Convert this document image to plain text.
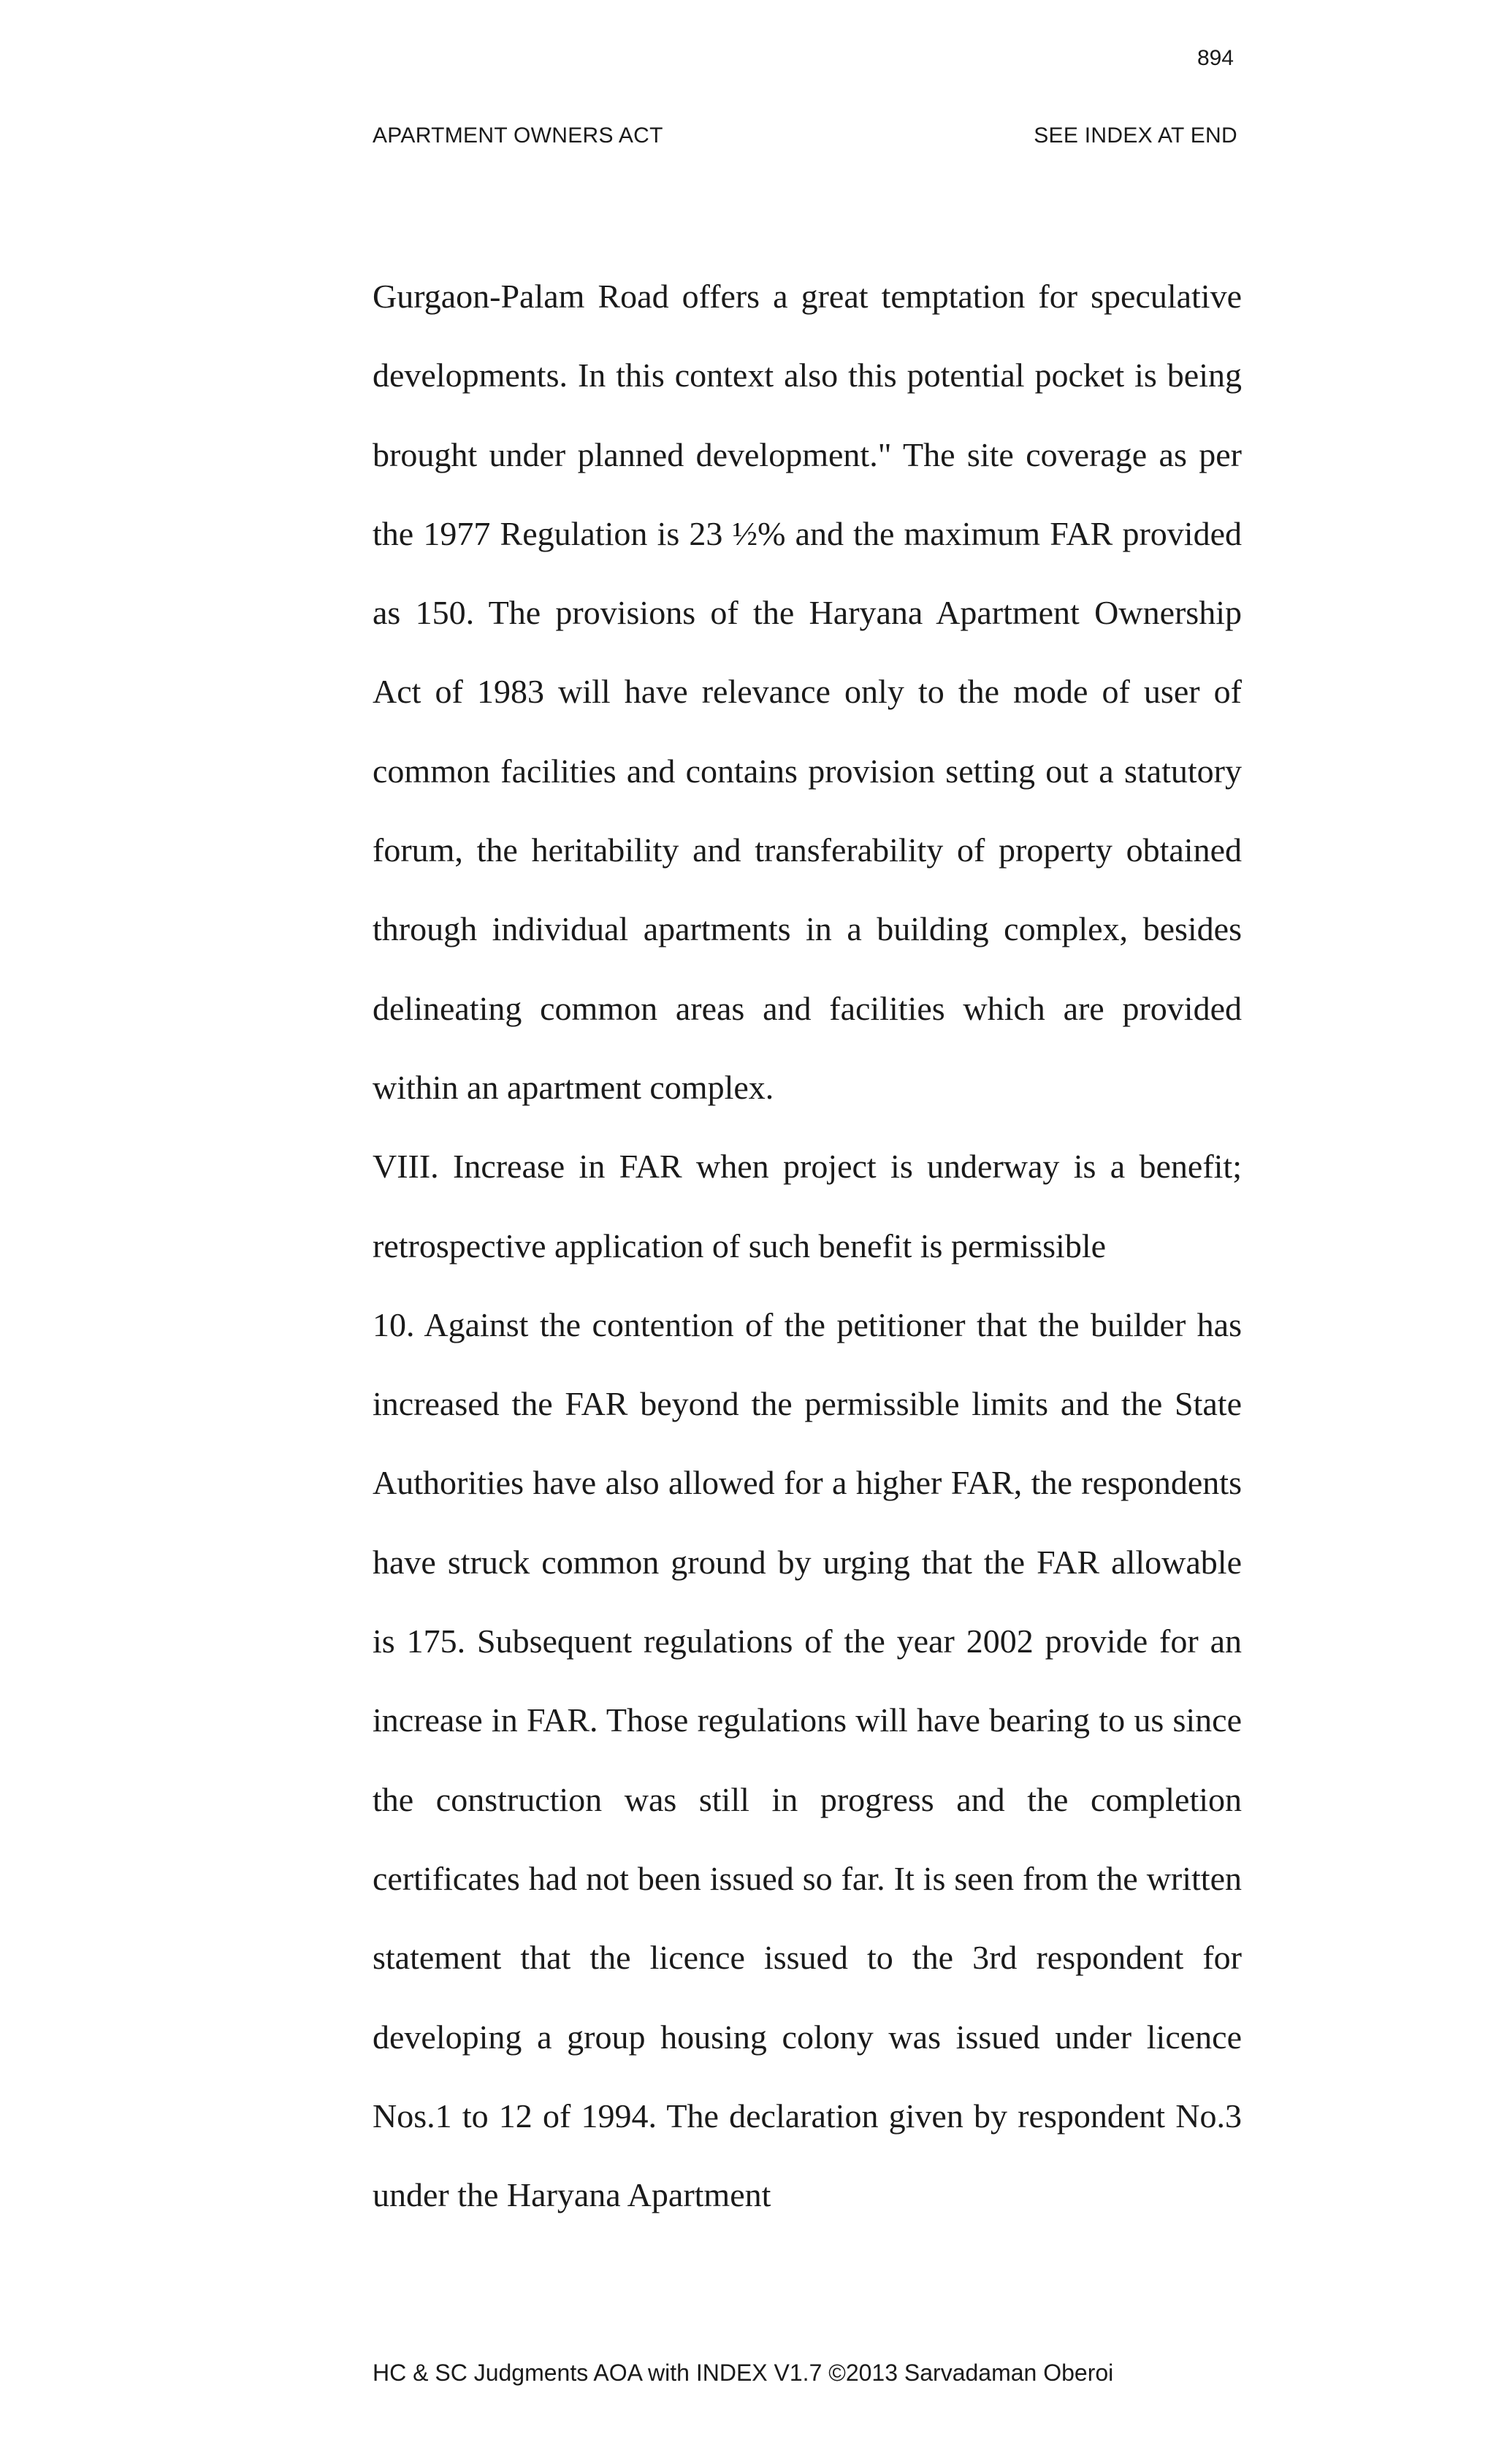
894
APARTMENT OWNERS ACT	SEE INDEX AT END

Gurgaon-Palam Road offers a great temptation for speculative developments. In this context also this potential pocket is being brought under planned development." The site coverage as per the 1977 Regulation is 23 ½% and the maximum FAR provided as 150. The provisions of the Haryana Apartment Ownership Act of 1983 will have relevance only to the mode of user of common facilities and contains provision setting out a statutory forum, the heritability and transferability of property obtained through individual apartments in a building complex, besides delineating common areas and facilities which are provided within an apartment complex.

VIII. Increase in FAR when project is underway is a benefit; retrospective application of such benefit is permissible

10. Against the contention of the petitioner that the builder has increased the FAR beyond the permissible limits and the State Authorities have also allowed for a higher FAR, the respondents have struck common ground by urging that the FAR allowable is 175. Subsequent regulations of the year 2002 provide for an increase in FAR. Those regulations will have bearing to us since the construction was still in progress and the completion certificates had not been issued so far. It is seen from the written statement that the licence issued to the 3rd respondent for developing a group housing colony was issued under licence Nos.1 to 12 of 1994. The declaration given by respondent No.3 under the Haryana Apartment

HC & SC Judgments AOA with INDEX V1.7 ©2013 Sarvadaman Oberoi
